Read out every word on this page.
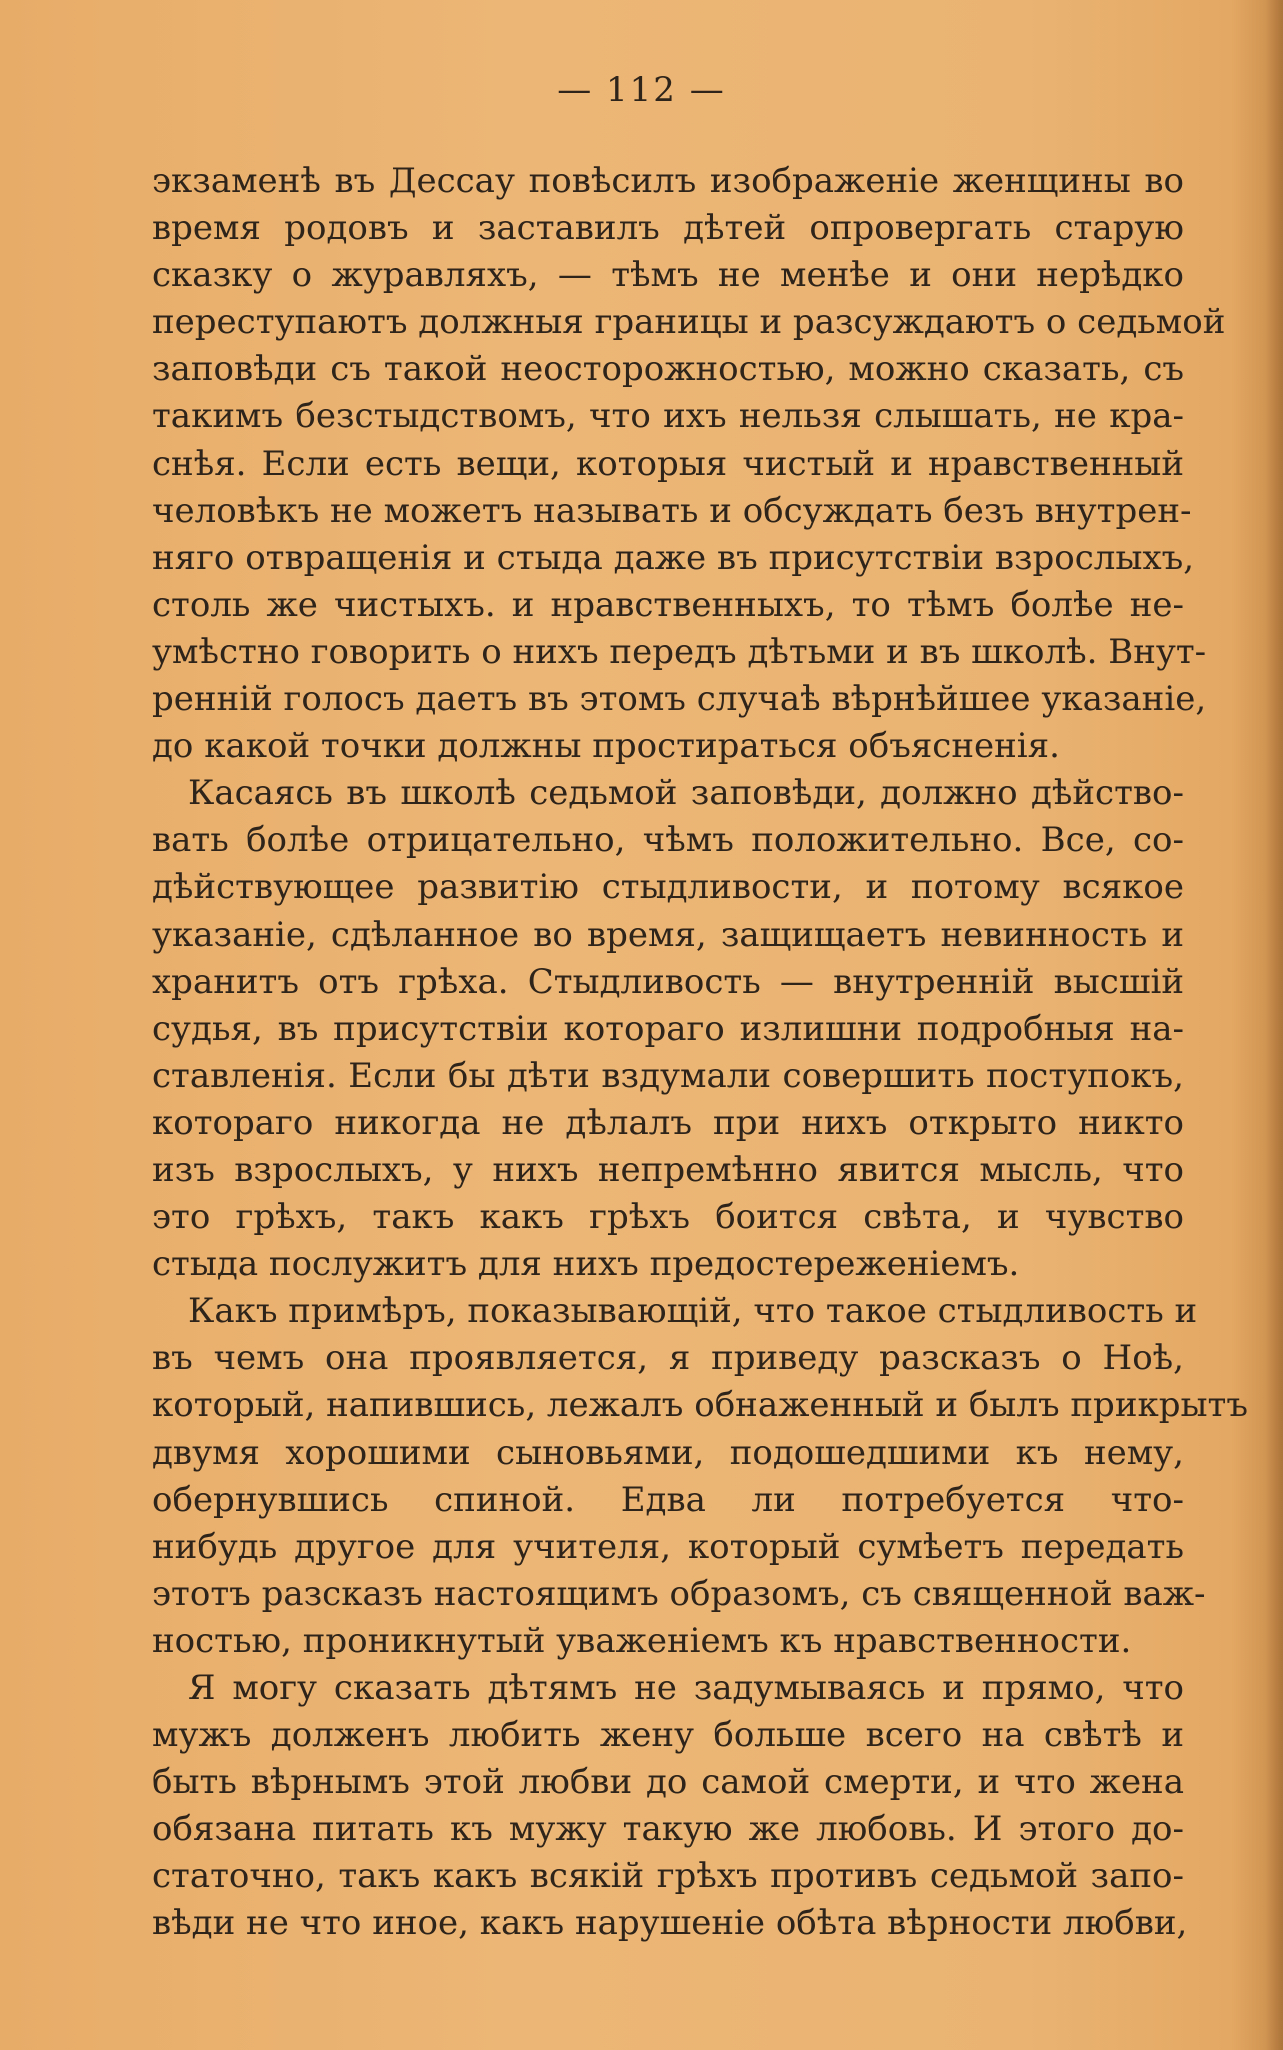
— 112 —
экзаменѣ въ Дессау повѣсилъ изображеніе женщины во
время родовъ и заставилъ дѣтей опровергать старую
сказку о журавляхъ, — тѣмъ не менѣе и они нерѣдко
переступаютъ должныя границы и разсуждаютъ о седьмой
заповѣди съ такой неосторожностью, можно сказать, съ
такимъ безстыдствомъ, что ихъ нельзя слышать, не кра-
снѣя. Если есть вещи, которыя чистый и нравственный
человѣкъ не можетъ называть и обсуждать безъ внутрен-
няго отвращенія и стыда даже въ присутствіи взрослыхъ,
столь же чистыхъ. и нравственныхъ, то тѣмъ болѣе не-
умѣстно говорить о нихъ передъ дѣтьми и въ школѣ. Внут-
ренній голосъ даетъ въ этомъ случаѣ вѣрнѣйшее указаніе,
до какой точки должны простираться объясненія.
Касаясь въ школѣ седьмой заповѣди, должно дѣйство-
вать болѣе отрицательно, чѣмъ положительно. Все, со-
дѣйствующее развитію стыдливости, и потому всякое
указаніе, сдѣланное во время, защищаетъ невинность и
хранитъ отъ грѣха. Стыдливость — внутренній высшій
судья, въ присутствіи котораго излишни подробныя на-
ставленія. Если бы дѣти вздумали совершить поступокъ,
котораго никогда не дѣлалъ при нихъ открыто никто
изъ взрослыхъ, у нихъ непремѣнно явится мысль, что
это грѣхъ, такъ какъ грѣхъ боится свѣта, и чувство
стыда послужитъ для нихъ предостереженіемъ.
Какъ примѣръ, показывающій, что такое стыдливость и
въ чемъ она проявляется, я приведу разсказъ о Ноѣ,
который, напившись, лежалъ обнаженный и былъ прикрытъ
двумя хорошими сыновьями, подошедшими къ нему,
обернувшись спиной. Едва ли потребуется что-
нибудь другое для учителя, который сумѣетъ передать
этотъ разсказъ настоящимъ образомъ, съ священной важ-
ностью, проникнутый уваженіемъ къ нравственности.
Я могу сказать дѣтямъ не задумываясь и прямо, что
мужъ долженъ любить жену больше всего на свѣтѣ и
быть вѣрнымъ этой любви до самой смерти, и что жена
обязана питать къ мужу такую же любовь. И этого до-
статочно, такъ какъ всякій грѣхъ противъ седьмой запо-
вѣди не что иное, какъ нарушеніе обѣта вѣрности любви,
